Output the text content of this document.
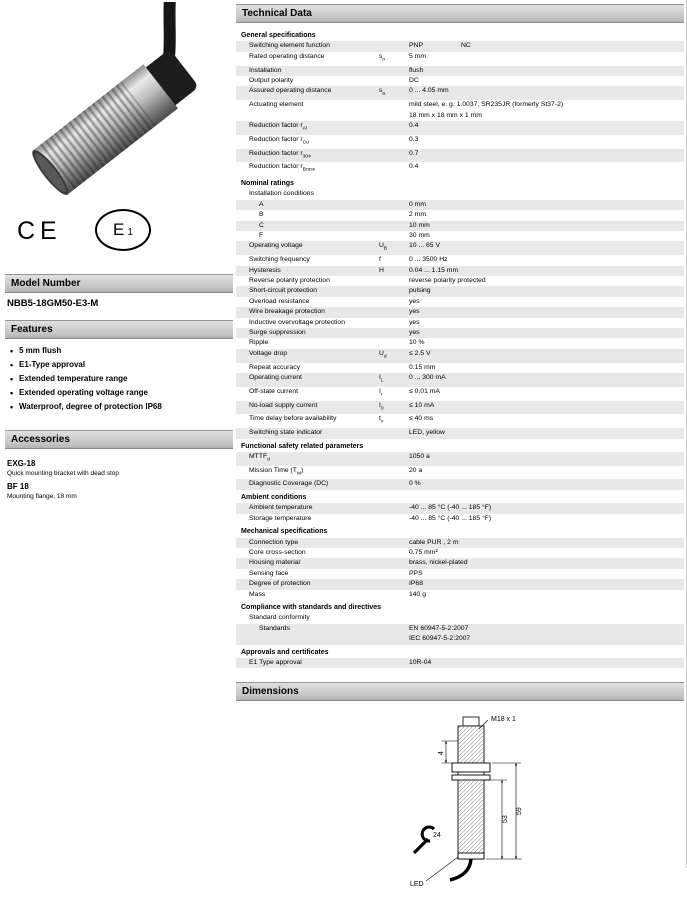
CE	E 1
Model Number
NBB5-18GM50-E3-M
Features
• 5 mm flush
• E1-Type approval
• Extended temperature range
• Extended operating voltage range
• Waterproof, degree of protection IP68
Accessories
EXG-18
Quick mounting bracket with dead stop
BF 18
Mounting flange, 18 mm
Technical Data
General specifications
Switching element function	PNP	NC
Rated operating distance	$s_n$	5 mm
Installation	flush
Output polarity	DC
Assured operating distance	$s_a$	0 ... 4.05 mm
Actuating element	mild steel, e. g. 1.0037, SR235JR (formerly St37-2)
18 mm x 18 mm x 1 mm
Reduction factor $r_{Al}$	0.4
Reduction factor $r_{Cu}$	0.3
Reduction factor $r_{304}$	0.7
Reduction factor $r_{Brass}$	0.4
Nominal ratings
Installation conditions
A	0 mm
B	2 mm
C	10 mm
F	30 mm
Operating voltage	$U_B$	10 ... 65 V
Switching frequency	f	0 ... 3500 Hz
Hysteresis	H	0.04 ... 1.15 mm
Reverse polarity protection	reverse polarity protected
Short-circuit protection	pulsing
Overload resistance	yes
Wire breakage protection	yes
Inductive overvoltage protection	yes
Surge suppression	yes
Ripple	10 %
Voltage drop	$U_d$	≤ 2.5 V
Repeat accuracy	0.15 mm
Operating current	$I_L$	0 ... 300 mA
Off-state current	$I_r$	≤ 0.01 mA
No-load supply current	$I_0$	≤ 10 mA
Time delay before availability	$t_v$	≤ 40 ms
Switching state indicator	LED, yellow
Functional safety related parameters
$MTTF_d$	1050 a
Mission Time $(T_M)$	20 a
Diagnostic Coverage (DC)	0 %
Ambient conditions
Ambient temperature	-40 ... 85 °C (-40 ... 185 °F)
Storage temperature	-40 ... 85 °C (-40 ... 185 °F)
Mechanical specifications
Connection type	cable PUR , 2 m
Core cross-section	0.75 mm²
Housing material	brass, nickel-plated
Sensing face	PPS
Degree of protection	IP68
Mass	140 g
Compliance with standards and directives
Standard conformity
Standards	EN 60947-5-2:2007
IEC 60947-5-2:2007
Approvals and certificates
E1 Type approval	10R-04
Dimensions
M18 x 1
4
53
59
24
LED
